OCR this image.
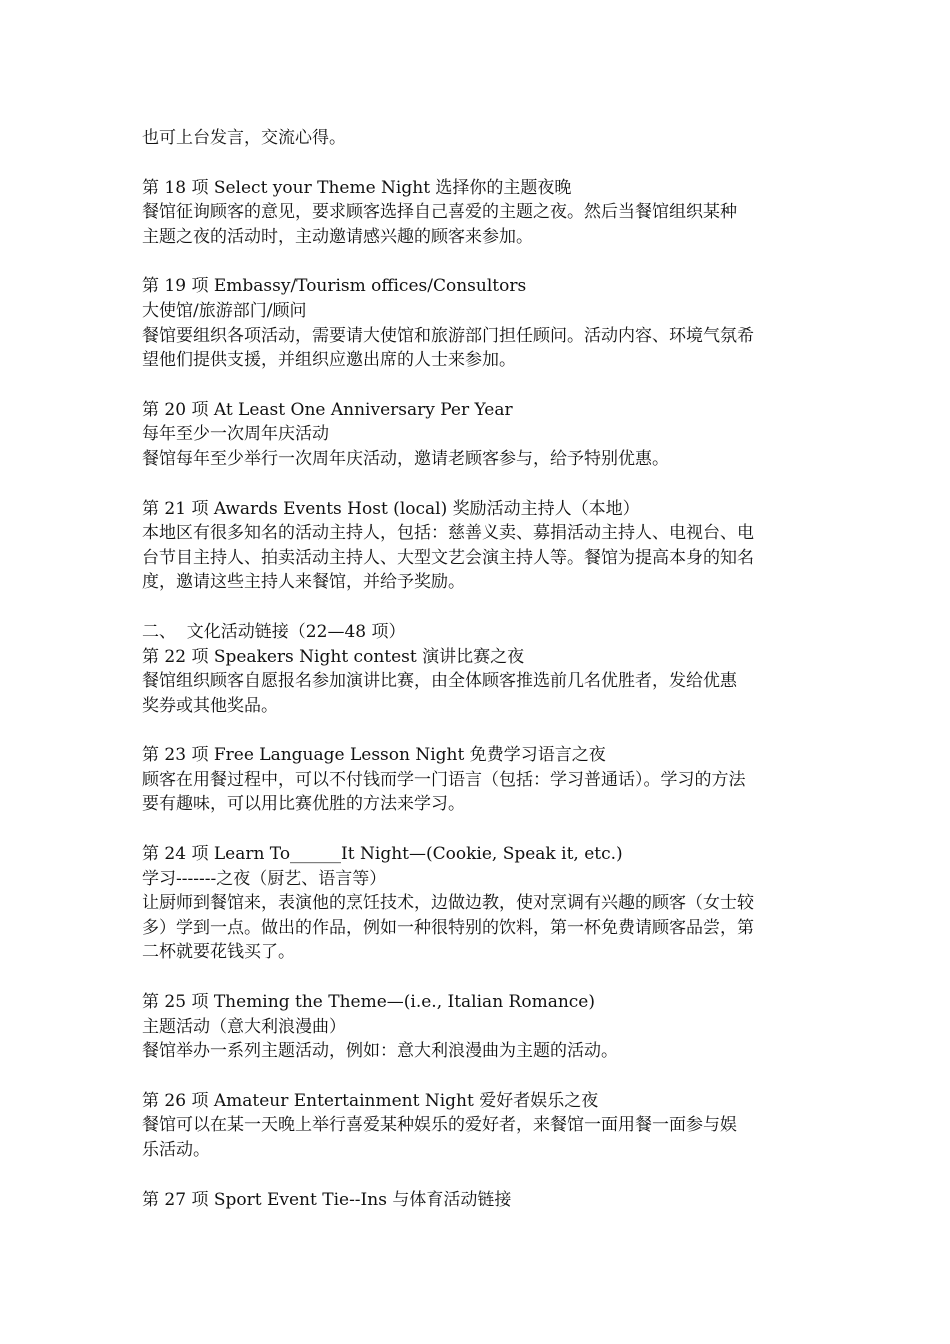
也可上台发言，交流心得。

第 18 项 Select your Theme Night 选择你的主题夜晚

餐馆征询顾客的意见，要求顾客选择自己喜爱的主题之夜。然后当餐馆组织某种

主题之夜的活动时，主动邀请感兴趣的顾客来参加。

第 19 项 Embassy/Tourism offices/Consultors

大使馆/旅游部门/顾问

餐馆要组织各项活动，需要请大使馆和旅游部门担任顾问。活动内容、环境气氛希

望他们提供支援，并组织应邀出席的人士来参加。

第 20 项 At Least One Anniversary Per Year

每年至少一次周年庆活动

餐馆每年至少举行一次周年庆活动，邀请老顾客参与，给予特别优惠。

第 21 项 Awards Events Host (local) 奖励活动主持人（本地）

本地区有很多知名的活动主持人，包括：慈善义卖、募捐活动主持人、电视台、电

台节目主持人、拍卖活动主持人、大型文艺会演主持人等。餐馆为提高本身的知名

度，邀请这些主持人来餐馆，并给予奖励。

二、  文化活动链接（22—48 项）

第 22 项 Speakers Night contest 演讲比赛之夜

餐馆组织顾客自愿报名参加演讲比赛，由全体顾客推选前几名优胜者，发给优惠

奖券或其他奖品。

第 23 项 Free Language Lesson Night 免费学习语言之夜

顾客在用餐过程中，可以不付钱而学一门语言（包括：学习普通话）。学习的方法

要有趣味，可以用比赛优胜的方法来学习。

第 24 项 Learn To______It Night—(Cookie, Speak it, etc.)

学习-------之夜（厨艺、语言等）

让厨师到餐馆来，表演他的烹饪技术，边做边教，使对烹调有兴趣的顾客（女士较

多）学到一点。做出的作品，例如一种很特别的饮料，第一杯免费请顾客品尝，第

二杯就要花钱买了。

第 25 项 Theming the Theme—(i.e., Italian Romance)

主题活动（意大利浪漫曲）

餐馆举办一系列主题活动，例如：意大利浪漫曲为主题的活动。

第 26 项 Amateur Entertainment Night 爱好者娱乐之夜

餐馆可以在某一天晚上举行喜爱某种娱乐的爱好者，来餐馆一面用餐一面参与娱

乐活动。

第 27 项 Sport Event Tie--Ins 与体育活动链接
